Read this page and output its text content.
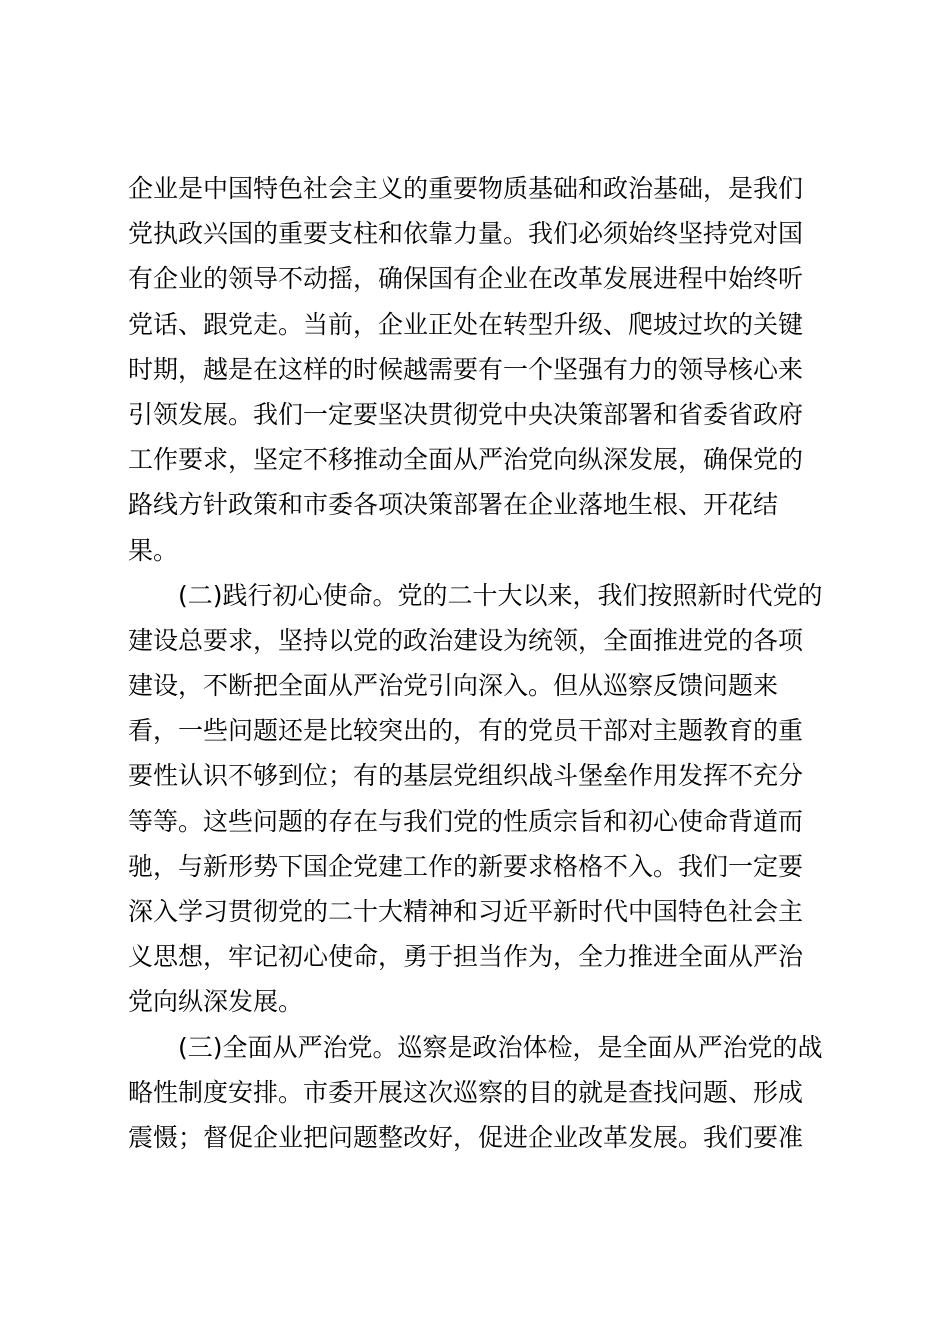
企业是中国特色社会主义的重要物质基础和政治基础，是我们
党执政兴国的重要支柱和依靠力量。我们必须始终坚持党对国
有企业的领导不动摇，确保国有企业在改革发展进程中始终听
党话、跟党走。当前，企业正处在转型升级、爬坡过坎的关键
时期，越是在这样的时候越需要有一个坚强有力的领导核心来
引领发展。我们一定要坚决贯彻党中央决策部署和省委省政府
工作要求，坚定不移推动全面从严治党向纵深发展，确保党的
路线方针政策和市委各项决策部署在企业落地生根、开花结
果。
(二)践行初心使命。党的二十大以来，我们按照新时代党的
建设总要求，坚持以党的政治建设为统领，全面推进党的各项
建设，不断把全面从严治党引向深入。但从巡察反馈问题来
看，一些问题还是比较突出的，有的党员干部对主题教育的重
要性认识不够到位；有的基层党组织战斗堡垒作用发挥不充分
等等。这些问题的存在与我们党的性质宗旨和初心使命背道而
驰，与新形势下国企党建工作的新要求格格不入。我们一定要
深入学习贯彻党的二十大精神和习近平新时代中国特色社会主
义思想，牢记初心使命，勇于担当作为，全力推进全面从严治
党向纵深发展。
(三)全面从严治党。巡察是政治体检，是全面从严治党的战
略性制度安排。市委开展这次巡察的目的就是查找问题、形成
震慑；督促企业把问题整改好，促进企业改革发展。我们要准
